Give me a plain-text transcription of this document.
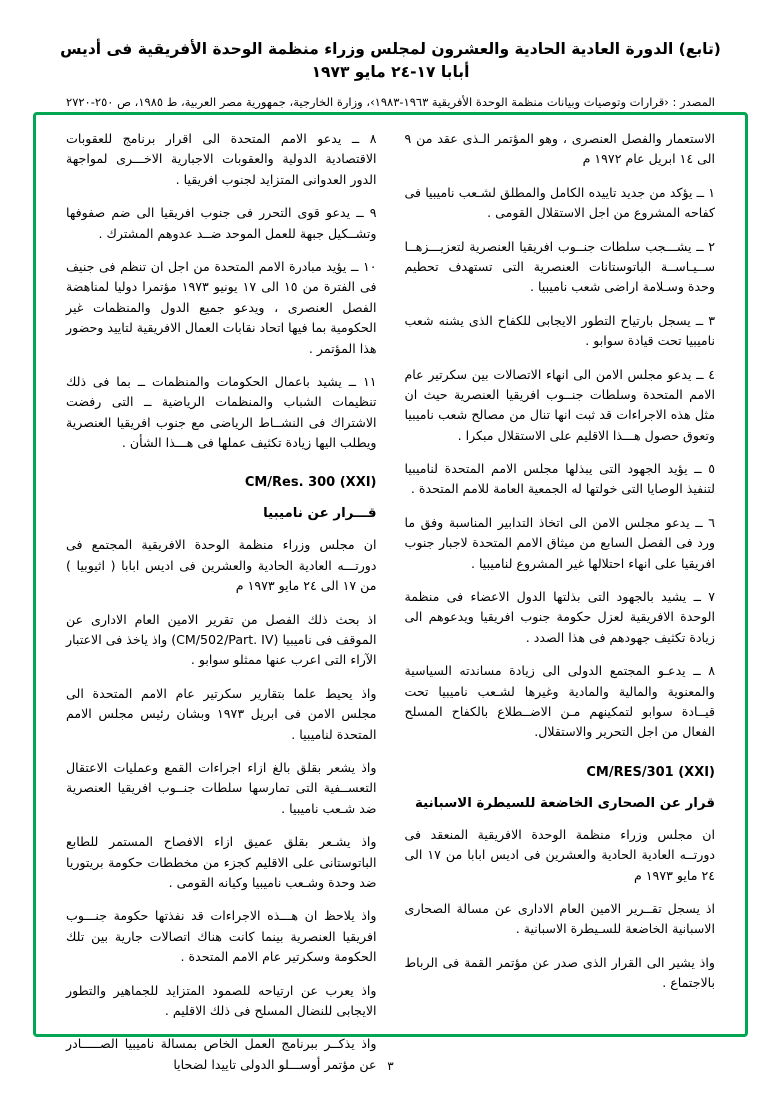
(تابع) الدورة العادية الحادية والعشرون لمجلس وزراء منظمة الوحدة الأفريقية فى أديس أبابا ١٧-٢٤ مايو ١٩٧٣
المصدر : ‹قرارات وتوصيات وبيانات منظمة الوحدة الأفريقية ١٩٦٣-١٩٨٣›، وزارة الخارجية، جمهورية مصر العربية، ط ١٩٨٥، ص ٢٥٠-٢٧٢٠

الاستعمار والفصل العنصرى ، وهو المؤتمر الـذى عقد من ٩ الى ١٤ ابريل عام ١٩٧٢ م

١ ــ يؤكد من جديد تاييده الكامل والمطلق لشـعب ناميبيا فى كفاحه المشروع من اجل الاستقلال القومى .

٢ ــ يشـــجب سلطات جنــوب افريقيا العنصرية لتعزيـــزهــا ســيـاســة الباتوستانات العنصرية التى تستهدف تحطيم وحدة وسـلامة اراضى شعب ناميبيا .

٣ ــ يسجل بارتياح التطور الايجابى للكفاح الذى يشنه شعب ناميبيا تحت قيادة سوابو .

٤ ــ يدعو مجلس الامن الى انهاء الاتصالات بين سكرتير عام الامم المتحدة وسلطات جنــوب افريقيا العنصرية حيث ان مثل هذه الاجراءات قد ثبت انها تنال من مصالح شعب ناميبيا وتعوق حصول هـــذا الاقليم على الاستقلال مبكرا .

٥ ــ يؤيد الجهود التى يبذلها مجلس الامم المتحدة لناميبيا لتنفيذ الوصايا التى خولتها له الجمعية العامة للامم المتحدة .

٦ ــ يدعو مجلس الامن الى اتخاذ التدابير المناسبة وفق ما ورد فى الفصل السابع من ميثاق الامم المتحدة لاجبار جنوب افريقيا على انهاء احتلالها غير المشروع لناميبيا .

٧ ــ يشيد بالجهود التى بذلتها الدول الاعضاء فى منظمة الوحدة الافريقية لعزل حكومة جنوب افريقيا ويدعوهم الى زيادة تكثيف جهودهم فى هذا الصدد .

٨ ــ يدعـو المجتمع الدولى الى زيادة مساندته السياسية والمعنوية والمالية والمادية وغيرها لشـعب ناميبيا تحت قيــادة سوابو لتمكينهم مـن الاضــطلاع بالكفاح المسلح الفعال من اجل التحرير والاستقلال.

CM/RES/301 (XXI)
قرار عن الصحارى الخاضعة للسيطرة الاسبانية

ان مجلس وزراء منظمة الوحدة الافريقية المنعقد فى دورتــه العادية الحادية والعشرين فى اديس ابابا من ١٧ الى ٢٤ مايو ١٩٧٣ م

اذ يسجل تقــرير الامين العام الادارى عن مسالة الصحارى الاسبانية الخاضعة للسـيطرة الاسبانية .

واذ يشير الى القرار الذى صدر عن مؤتمر القمة فى الرباط بالاجتماع .

٨ ــ يدعو الامم المتحدة الى اقرار برنامج للعقوبات الاقتصادية الدولية والعقوبات الاجبارية الاخـــرى لمواجهة الدور العدوانى المتزايد لجنوب افريقيا .

٩ ــ يدعو قوى التحرر فى جنوب افريقيا الى ضم صفوفها وتشــكيل جبهة للعمل الموحد ضــد عدوهم المشترك .

١٠ ــ يؤيد مبادرة الامم المتحدة من اجل ان تنظم فى جنيف فى الفترة من ١٥ الى ١٧ يونيو ١٩٧٣ مؤتمرا دوليا لمناهضة الفصل العنصرى ، ويدعو جميع الدول والمنظمات غير الحكومية بما فيها اتحاد نقابات العمال الافريقية لتاييد وحضور هذا المؤتمر .

١١ ــ يشيد باعمال الحكومات والمنظمات ــ بما فى ذلك تنظيمات الشباب والمنظمات الرياضية ــ التى رفضت الاشتراك فى النشــاط الرياضى مع جنوب افريقيا العنصرية ويطلب اليها زيادة تكثيف عملها فى هـــذا الشأن .

CM/Res. 300 (XXI)
قـــرار عن ناميبيا

ان مجلس وزراء منظمة الوحدة الافريقية المجتمع فى دورتـــه العادية الحادية والعشرين فى اديس ابابا ( اثيوبيا ) من ١٧ الى ٢٤ مايو ١٩٧٣ م

اذ بحث ذلك الفصل من تقرير الامين العام الادارى عن الموقف فى ناميبيا (CM/502/Part. IV) واذ ياخذ فى الاعتبار الآراء التى اعرب عنها ممثلو سوابو .

واذ يحيط علما بتقارير سكرتير عام الامم المتحدة الى مجلس الامن فى ابريل ١٩٧٣ وبشان رئيس مجلس الامم المتحدة لناميبيا .

واذ يشعر بقلق بالغ ازاء اجراءات القمع وعمليات الاعتقال التعســفية التى تمارسها سلطات جنــوب افريقيا العنصرية ضد شـعب ناميبيا .

واذ يشـعر بقلق عميق ازاء الافصاح المستمر للطابع الباتوستانى على الاقليم كجزء من مخططات حكومة بريتوريا ضد وحدة وشـعب ناميبيا وكيانه القومى .

واذ يلاحظ ان هـــذه الاجراءات قد نفذتها حكومة جنـــوب افريقيا العنصرية بينما كانت هناك اتصالات جارية بين تلك الحكومة وسكرتير عام الامم المتحدة .

واذ يعرب عن ارتياحه للصمود المتزايد للجماهير والتطور الايجابى للنضال المسلح فى ذلك الاقليم .

واذ يذكــر ببرنامج العمل الخاص بمسالة ناميبيا الصـــــادر عن مؤتمر أوســـلو الدولى تاييدا لضحايا ٣
